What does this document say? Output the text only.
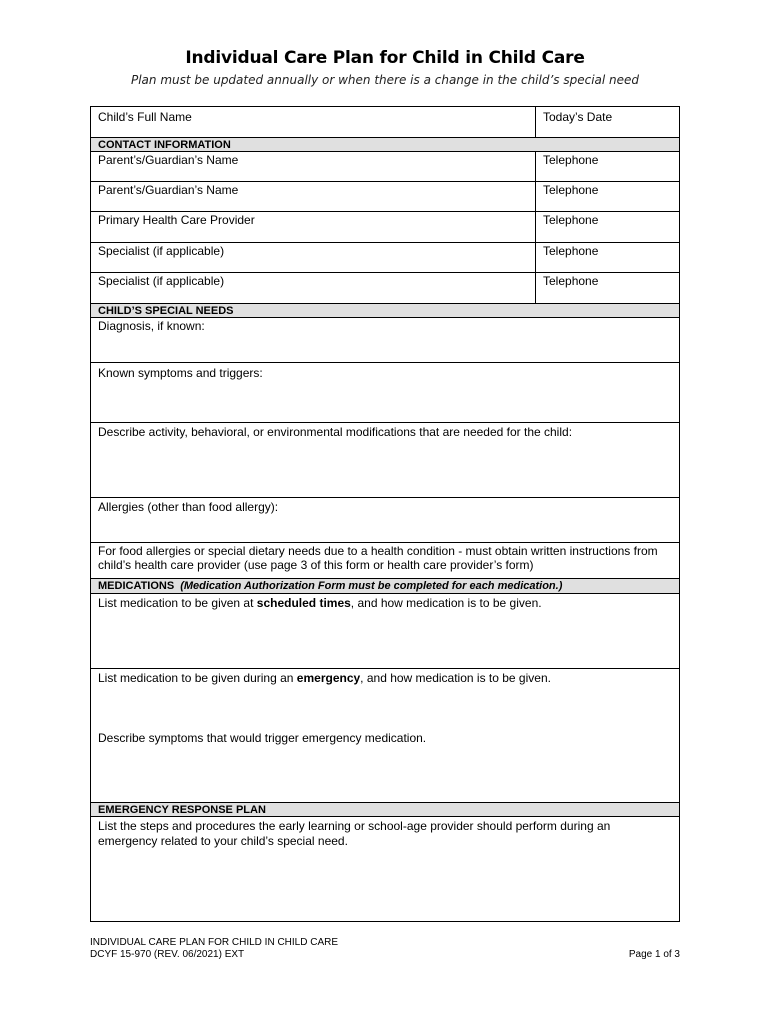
Individual Care Plan for Child in Child Care
Plan must be updated annually or when there is a change in the child’s special need
Child’s Full Name	Today’s Date
CONTACT INFORMATION
Parent’s/Guardian’s Name	Telephone
Parent’s/Guardian’s Name	Telephone
Primary Health Care Provider	Telephone
Specialist (if applicable)	Telephone
Specialist (if applicable)	Telephone
CHILD’S SPECIAL NEEDS
Diagnosis, if known:
Known symptoms and triggers:
Describe activity, behavioral, or environmental modifications that are needed for the child:
Allergies (other than food allergy):
For food allergies or special dietary needs due to a health condition - must obtain written instructions from child’s health care provider (use page 3 of this form or health care provider’s form)
MEDICATIONS (Medication Authorization Form must be completed for each medication.)
List medication to be given at scheduled times, and how medication is to be given.
List medication to be given during an emergency, and how medication is to be given.
Describe symptoms that would trigger emergency medication.
EMERGENCY RESPONSE PLAN
List the steps and procedures the early learning or school-age provider should perform during an emergency related to your child’s special need.
INDIVIDUAL CARE PLAN FOR CHILD IN CHILD CARE
DCYF 15-970 (REV. 06/2021) EXT	Page 1 of 3
